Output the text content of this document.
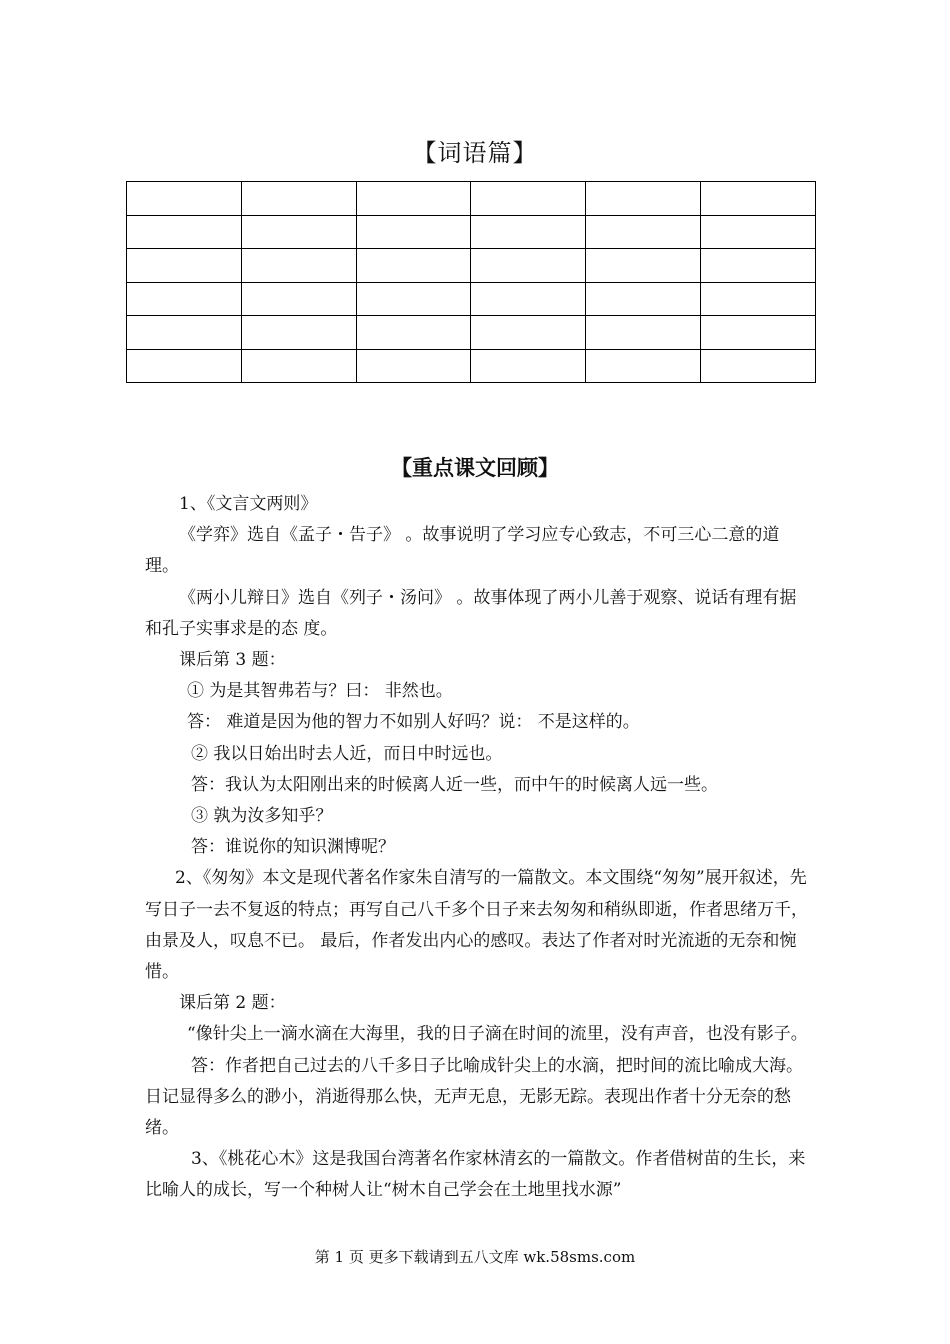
【词语篇】

【重点课文回顾】

1、《文言文两则》

《学弈》选自《孟子・告子》 。故事说明了学习应专心致志，不可三心二意的道理。

《两小儿辩日》选自《列子・汤问》 。故事体现了两小儿善于观察、说话有理有据和孔子实事求是的态 度。

课后第 3 题：

① 为是其智弗若与？曰： 非然也。

答： 难道是因为他的智力不如别人好吗？说： 不是这样的。

② 我以日始出时去人近，而日中时远也。

答：我认为太阳刚出来的时候离人近一些，而中午的时候离人远一些。

③ 孰为汝多知乎？

答：谁说你的知识渊博呢？

2、《匆匆》本文是现代著名作家朱自清写的一篇散文。本文围绕“匆匆”展开叙述，先写日子一去不复返的特点；再写自己八千多个日子来去匆匆和稍纵即逝，作者思绪万千，由景及人，叹息不已。 最后，作者发出内心的感叹。表达了作者对时光流逝的无奈和惋惜。

课后第 2 题：

“像针尖上一滴水滴在大海里，我的日子滴在时间的流里，没有声音，也没有影子。

答：作者把自己过去的八千多日子比喻成针尖上的水滴，把时间的流比喻成大海。日记显得多么的渺小，消逝得那么快，无声无息，无影无踪。表现出作者十分无奈的愁绪。

3、《桃花心木》这是我国台湾著名作家林清玄的一篇散文。作者借树苗的生长，来比喻人的成长，写一个种树人让“树木自己学会在土地里找水源”

第 1 页 更多下载请到五八文库 wk.58sms.com
